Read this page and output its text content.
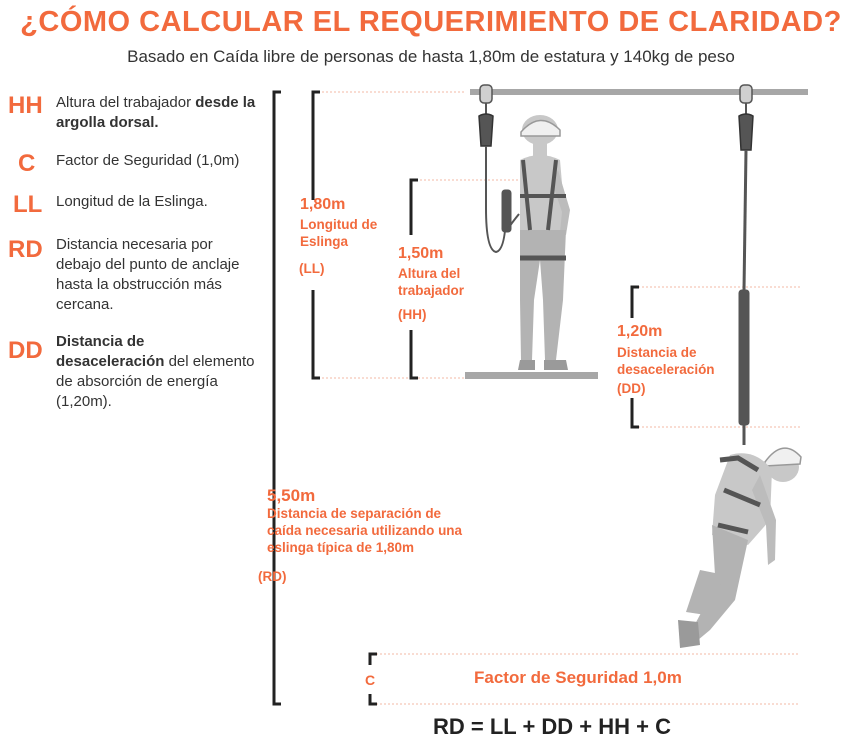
¿CÓMO CALCULAR EL REQUERIMIENTO DE CLARIDAD?
Basado en Caída libre de personas de hasta 1,80m de estatura y 140kg de peso
HH Altura del trabajador desde la argolla dorsal.
C Factor de Seguridad (1,0m)
LL Longitud de la Eslinga.
RD Distancia necesaria por debajo del punto de anclaje hasta la obstrucción más cercana.
DD Distancia de desaceleración del elemento de absorción de energía (1,20m).
1,80m
Longitud de Eslinga
(LL)
1,50m
Altura del trabajador
(HH)
1,20m
Distancia de desaceleración
(DD)
5,50m
Distancia de separación de caída necesaria utilizando una eslinga típica de 1,80m
(RD)
C	Factor de Seguridad 1,0m
RD = LL + DD + HH + C
